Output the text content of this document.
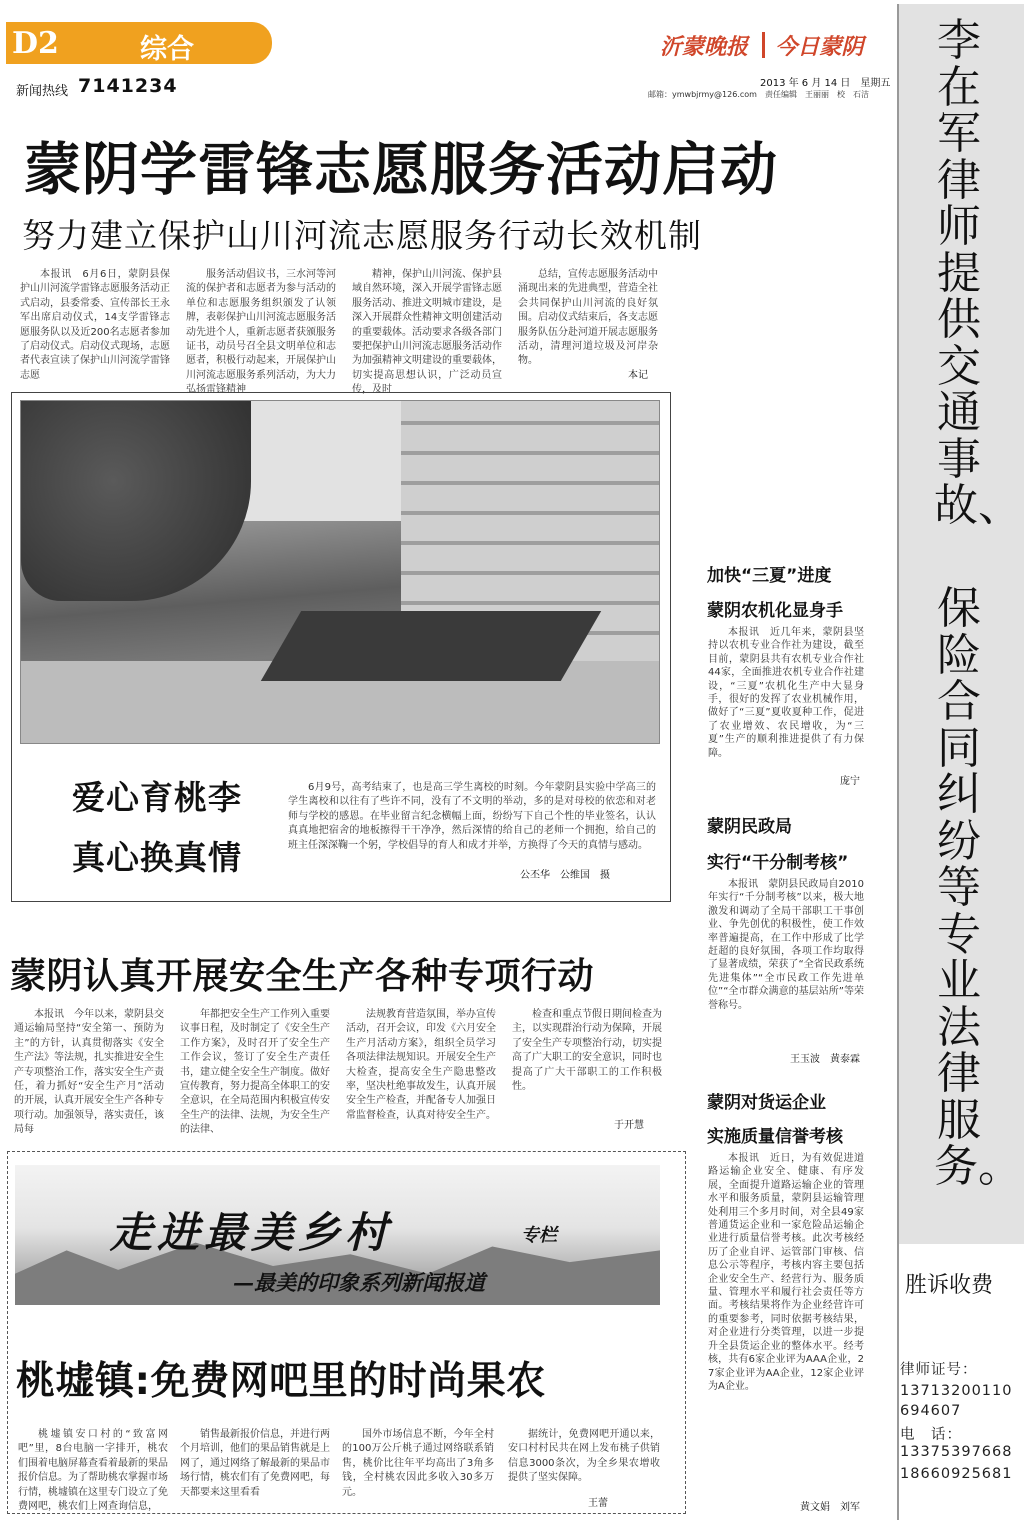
D2	综合
新闻热线 7141234
沂蒙晚报 今日蒙阴
2013 年 6 月 14 日　星期五
邮箱：ymwbjrmy@126.com　责任编辑　王丽丽　校　石洁
蒙阴学雷锋志愿服务活动启动
努力建立保护山川河流志愿服务行动长效机制
本报讯　6月6日，蒙阴县保护山川河流学雷锋志愿服务活动正式启动，县委常委、宣传部长王永军出席启动仪式，14支学雷锋志愿服务队以及近200名志愿者参加了启动仪式。启动仪式现场，志愿者代表宣读了保护山川河流学雷锋志愿
服务活动倡议书，三水河等河流的保护者和志愿者为参与活动的单位和志愿服务组织颁发了认领牌，表彰保护山川河流志愿服务活动先进个人，重新志愿者获颁服务证书，动员号召全县文明单位和志愿者，积极行动起来，开展保护山川河流志愿服务系列活动，为大力弘扬雷锋精神
精神，保护山川河流、保护县域自然环境，深入开展学雷锋志愿服务活动、推进文明城市建设，是深入开展群众性精神文明创建活动的重要载体。活动要求各级各部门要把保护山川河流志愿服务活动作为加强精神文明建设的重要载体，切实提高思想认识，广泛动员宣传，及时
总结，宣传志愿服务活动中涌现出来的先进典型，营造全社会共同保护山川河流的良好氛围。启动仪式结束后，各支志愿服务队伍分赴河道开展志愿服务活动，清理河道垃圾及河岸杂物。
本记
爱心育桃李
真心换真情
6月9号，高考结束了，也是高三学生离校的时刻。今年蒙阴县实验中学高三的学生离校和以往有了些许不同，没有了不文明的举动，多的是对母校的依恋和对老师与学校的感恩。在毕业留言纪念横幅上面，纷纷写下自己个性的毕业签名，认认真真地把宿舍的地板擦得干干净净，然后深情的给自己的老师一个拥抱，给自己的班主任深深鞠一个躬，学校倡导的育人和成才并举，方换得了今天的真情与感动。
公丕华　公维国　摄
蒙阴认真开展安全生产各种专项行动
本报讯　今年以来，蒙阴县交通运输局坚持“安全第一、预防为主”的方针，认真贯彻落实《安全生产法》等法规，扎实推进安全生产专项整治工作，落实安全生产责任，着力抓好“安全生产月”活动的开展，认真开展安全生产各种专项行动。加强领导，落实责任，该局每
年都把安全生产工作列入重要议事日程，及时制定了《安全生产工作方案》，及时召开了安全生产工作会议，签订了安全生产责任书，建立健全安全生产制度。做好宣传教育，努力提高全体职工的安全意识，在全局范围内积极宣传安全生产的法律、法规，为安全生产的法律、
法规教育营造氛围，举办宣传活动，召开会议，印发《六月安全生产月活动方案》，组织全员学习各项法律法规知识。开展安全生产大检查，提高安全生产隐患整改率，坚决杜绝事故发生，认真开展安全生产检查，并配备专人加强日常监督检查，认真对待安全生产。
检查和重点节假日期间检查为主，以实现群治行动为保障，开展了安全生产专项整治行动，切实提高了广大职工的安全意识，同时也提高了广大干部职工的工作积极性。
于开慧
走进最美乡村	专栏
—最美的印象系列新闻报道
桃墟镇:免费网吧里的时尚果农
桃墟镇安口村的“致富网吧”里，8台电脑一字排开，桃农们围着电脑屏幕查看着最新的果品报价信息。为了帮助桃农掌握市场行情，桃墟镇在这里专门设立了免费网吧，桃农们上网查询信息，
销售最新报价信息，并进行两个月培训，他们的果品销售就是上网了，通过网络了解最新的果品市场行情，桃农们有了免费网吧，每天都要来这里看看
国外市场信息不断，今年全村的100万公斤桃子通过网络联系销售，桃价比往年平均高出了3角多钱，全村桃农因此多收入30多万元。
据统计，免费网吧开通以来，安口村村民共在网上发布桃子供销信息3000条次，为全乡果农增收提供了坚实保障。
王蕾
加快“三夏”进度
蒙阴农机化显身手
本报讯　近几年来，蒙阴县坚持以农机专业合作社为建设，截至目前，蒙阴县共有农机专业合作社44家，全面推进农机专业合作社建设，“三夏”农机化生产中大显身手，很好的发挥了农业机械作用，做好了“三夏”夏收夏种工作，促进了农业增效、农民增收，为“三夏”生产的顺利推进提供了有力保障。
庞宁
蒙阴民政局
实行“干分制考核”
本报讯　蒙阴县民政局自2010年实行“千分制考核”以来，极大地激发和调动了全局干部职工干事创业、争先创优的积极性，使工作效率普遍提高，在工作中形成了比学赶超的良好氛围，各项工作均取得了显著成绩，荣获了“全省民政系统先进集体”“全市民政工作先进单位”“全市群众满意的基层站所”等荣誉称号。
王玉波　黄泰霖
蒙阴对货运企业
实施质量信誉考核
本报讯　近日，为有效促进道路运输企业安全、健康、有序发展，全面提升道路运输企业的管理水平和服务质量，蒙阴县运输管理处利用三个多月时间，对全县49家普通货运企业和一家危险品运输企业进行质量信誉考核。此次考核经历了企业自评、运管部门审核、信息公示等程序，考核内容主要包括企业安全生产、经营行为、服务质量、管理水平和履行社会责任等方面。考核结果将作为企业经营许可的重要参考，同时依据考核结果，对企业进行分类管理，以进一步提升全县货运企业的整体水平。经考核，共有6家企业评为AAA企业，27家企业评为AA企业，12家企业评为A企业。
黄文娟　刘军
李在军律师提供交通事故、
保险合同纠纷等专业法律服务。
胜诉收费
律师证号：
13713200110694607
电　话：
13375397668
18660925681
